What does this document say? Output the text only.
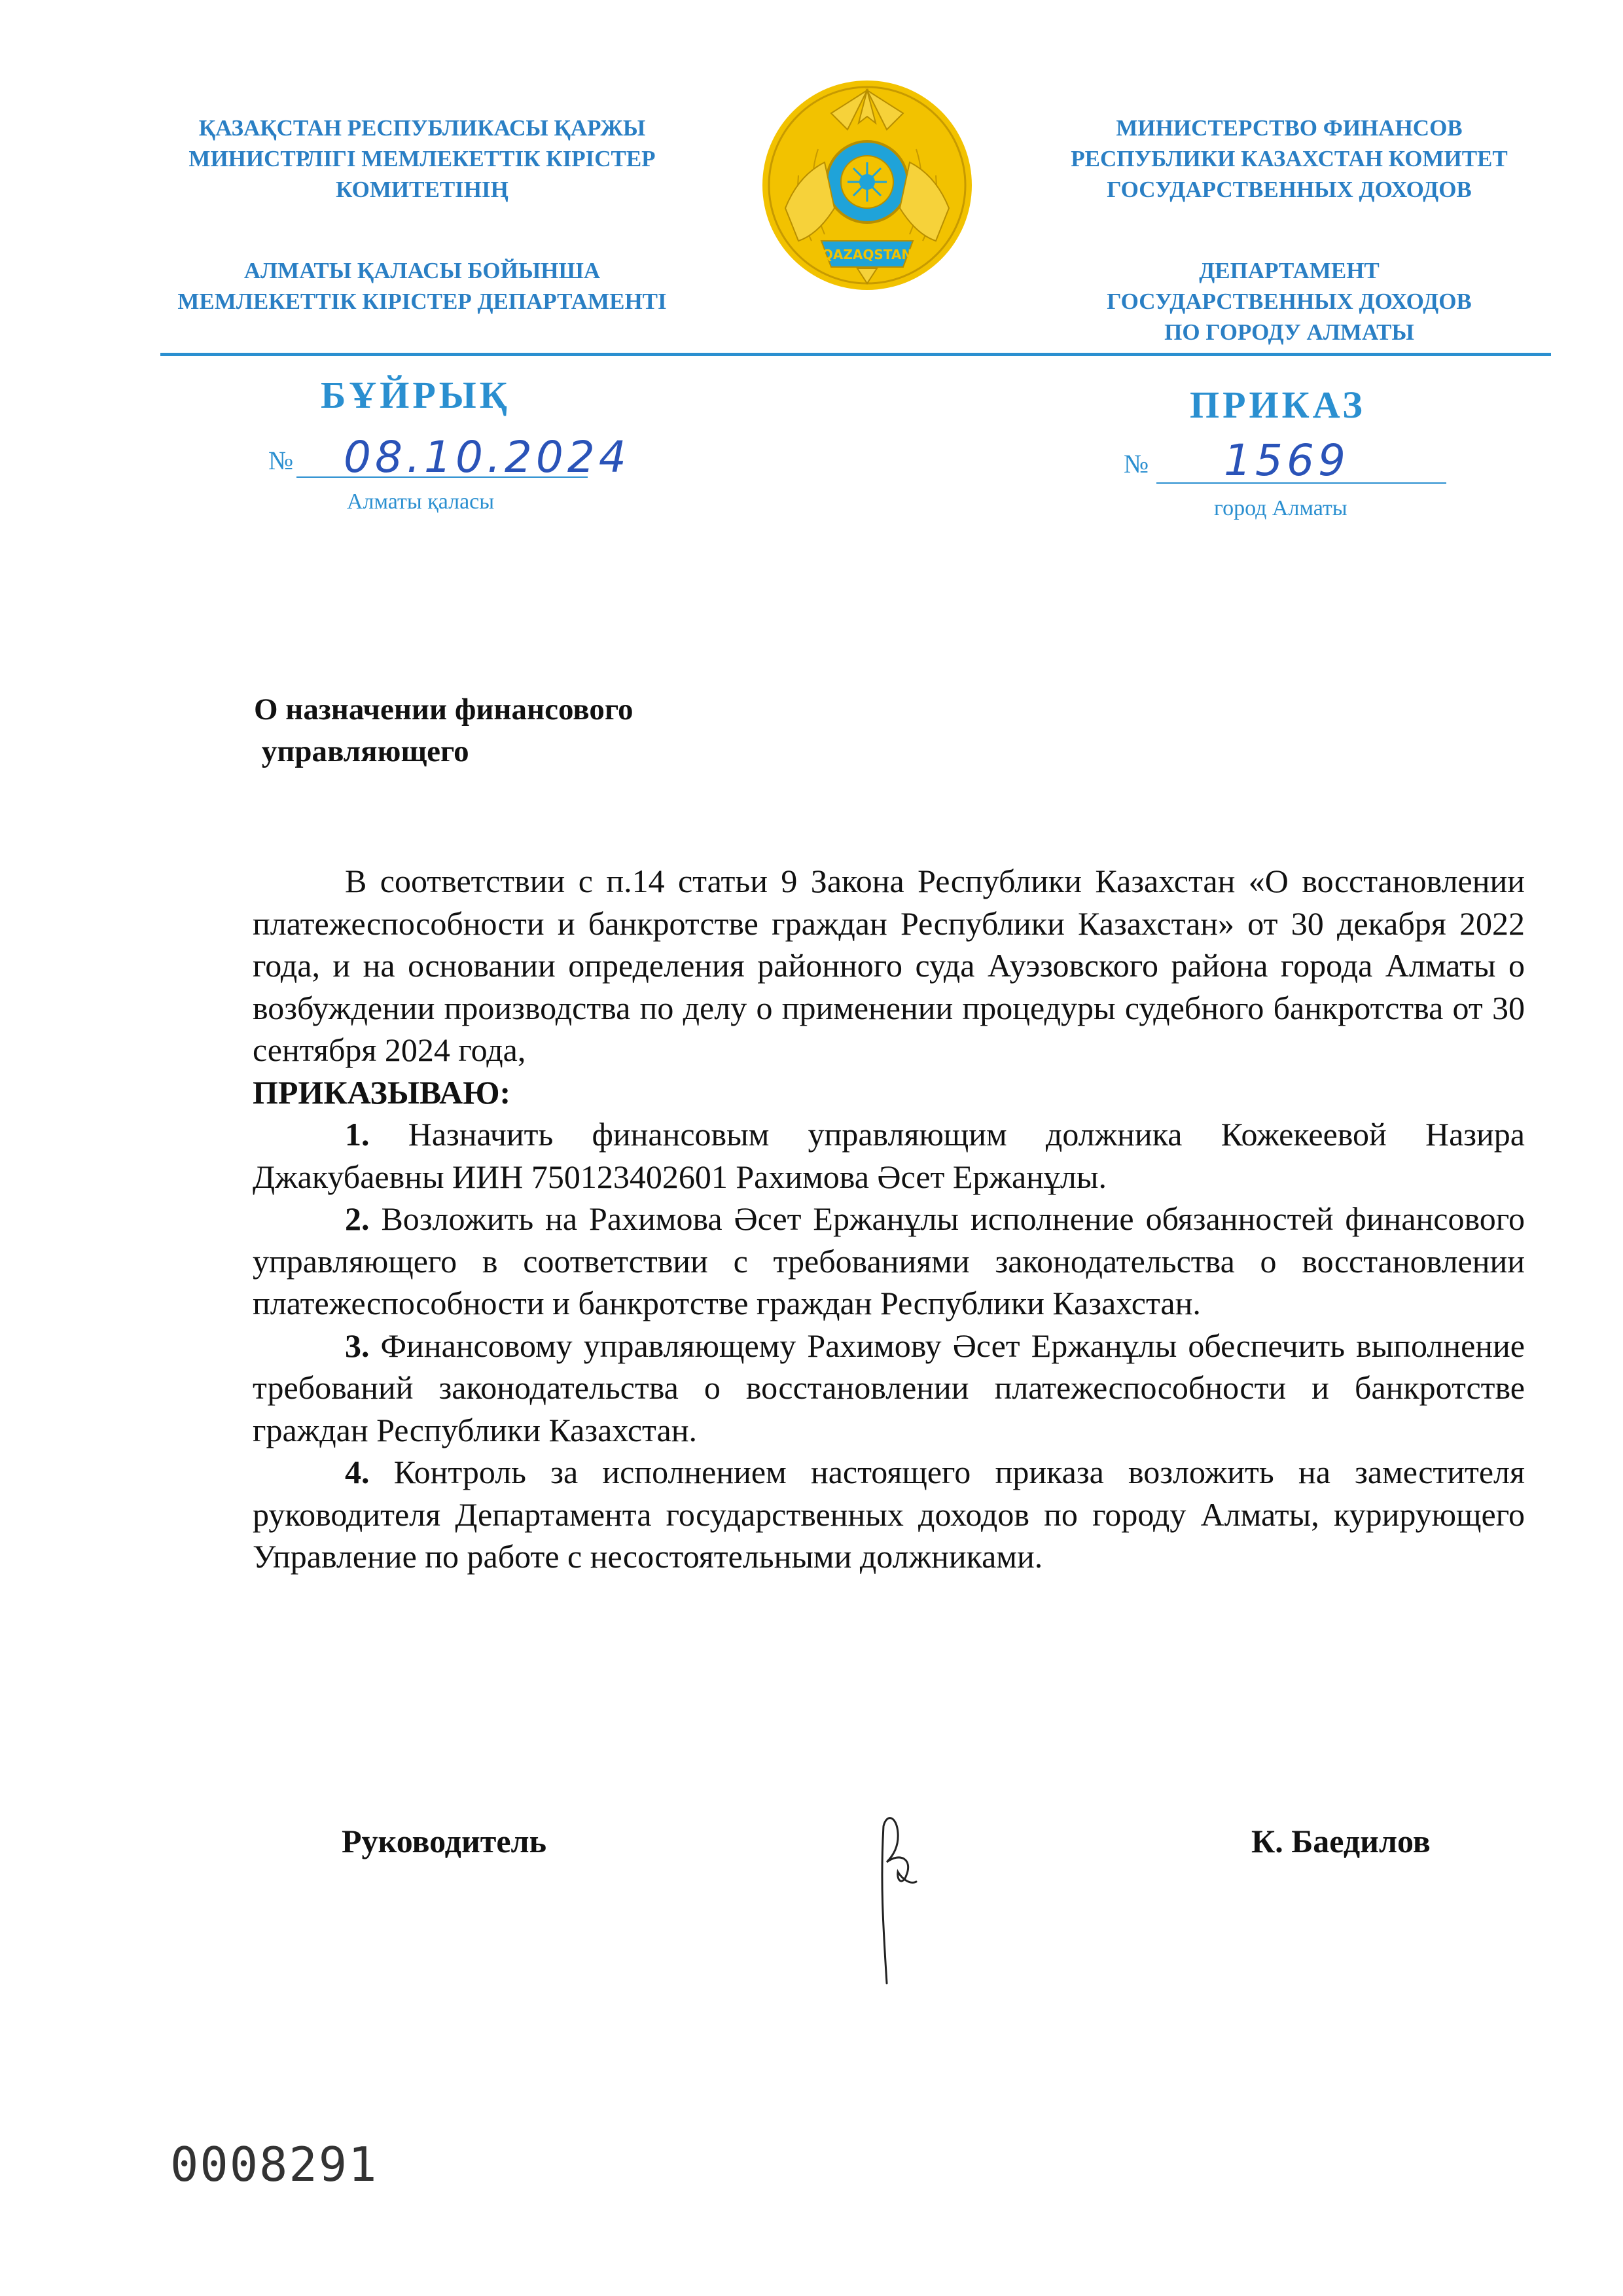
ҚАЗАҚСТАН РЕСПУБЛИКАСЫ ҚАРЖЫ
МИНИСТРЛІГІ МЕМЛЕКЕТТІК КІРІСТЕР
КОМИТЕТІНІҢ
АЛМАТЫ ҚАЛАСЫ БОЙЫНША
МЕМЛЕКЕТТІК КІРІСТЕР ДЕПАРТАМЕНТІ
QAZAQSTAN
МИНИСТЕРСТВО ФИНАНСОВ
РЕСПУБЛИКИ КАЗАХСТАН КОМИТЕТ
ГОСУДАРСТВЕННЫХ ДОХОДОВ
ДЕПАРТАМЕНТ
ГОСУДАРСТВЕННЫХ ДОХОДОВ
ПО ГОРОДУ АЛМАТЫ
БҰЙРЫҚ	ПРИКАЗ
№ 08.10.2024
Алматы қаласы
№ 1569
город Алматы
О назначении финансового
управляющего

В соответствии с п.14 статьи 9 Закона Республики Казахстан «О восстановлении платежеспособности и банкротстве граждан Республики Казахстан» от 30 декабря 2022 года, и на основании определения районного суда Ауэзовского района города Алматы о возбуждении производства по делу о применении процедуры судебного банкротства от 30 сентября 2024 года,

ПРИКАЗЫВАЮ:

1. Назначить финансовым управляющим должника Кожекеевой Назира Джакубаевны ИИН 750123402601 Рахимова Әсет Ержанұлы.

2. Возложить на Рахимова Әсет Ержанұлы исполнение обязанностей финансового управляющего в соответствии с требованиями законодательства о восстановлении платежеспособности и банкротстве граждан Республики Казахстан.

3. Финансовому управляющему Рахимову Әсет Ержанұлы обеспечить выполнение требований законодательства о восстановлении платежеспособности и банкротстве граждан Республики Казахстан.

4. Контроль за исполнением настоящего приказа возложить на заместителя руководителя Департамента государственных доходов по городу Алматы, курирующего Управление по работе с несостоятельными должниками.

Руководитель	К. Баедилов
0008291
